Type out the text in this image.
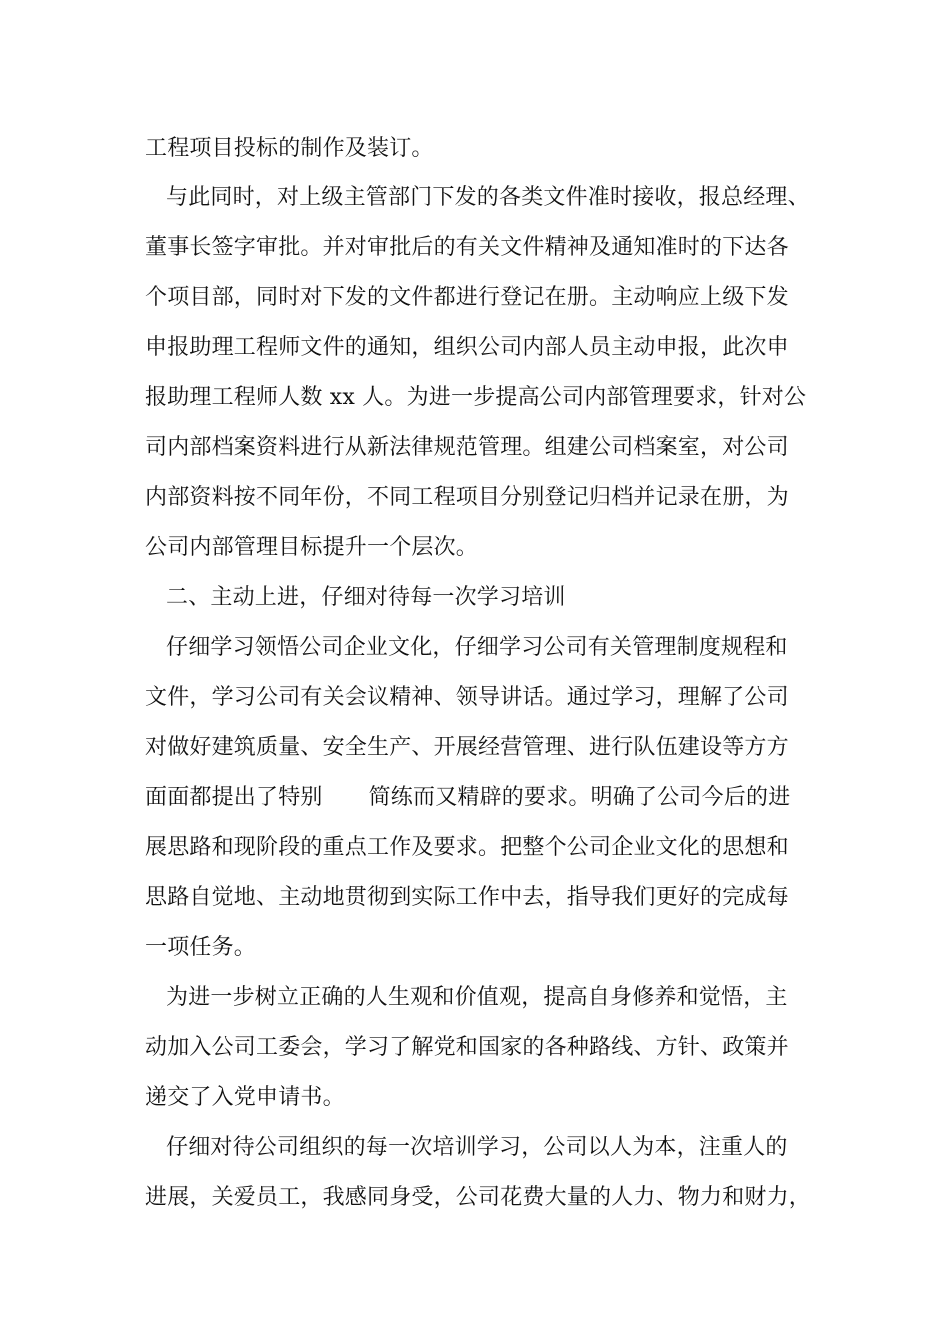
工程项目投标的制作及装订。
与此同时，对上级主管部门下发的各类文件准时接收，报总经理、
董事长签字审批。并对审批后的有关文件精神及通知准时的下达各
个项目部，同时对下发的文件都进行登记在册。主动响应上级下发
申报助理工程师文件的通知，组织公司内部人员主动申报，此次申
报助理工程师人数 xx 人。为进一步提高公司内部管理要求，针对公
司内部档案资料进行从新法律规范管理。组建公司档案室，对公司
内部资料按不同年份，不同工程项目分别登记归档并记录在册，为
公司内部管理目标提升一个层次。
二、主动上进，仔细对待每一次学习培训
仔细学习领悟公司企业文化，仔细学习公司有关管理制度规程和
文件，学习公司有关会议精神、领导讲话。通过学习，理解了公司
对做好建筑质量、安全生产、开展经营管理、进行队伍建设等方方
面面都提出了特别 简练而又精辟的要求。明确了公司今后的进
展思路和现阶段的重点工作及要求。把整个公司企业文化的思想和
思路自觉地、主动地贯彻到实际工作中去，指导我们更好的完成每
一项任务。
为进一步树立正确的人生观和价值观，提高自身修养和觉悟，主
动加入公司工委会，学习了解党和国家的各种路线、方针、政策并
递交了入党申请书。
仔细对待公司组织的每一次培训学习，公司以人为本，注重人的
进展，关爱员工，我感同身受，公司花费大量的人力、物力和财力，
